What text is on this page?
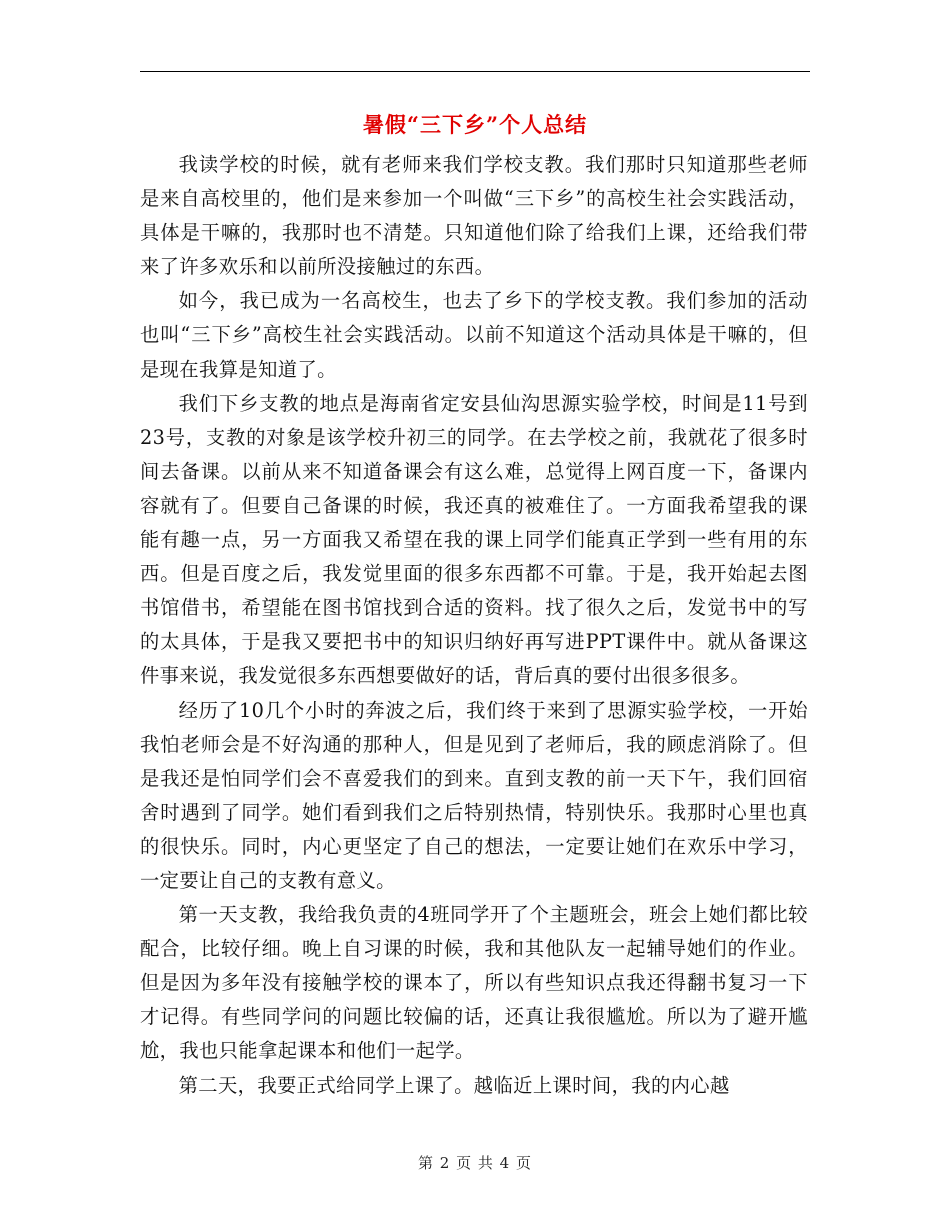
暑假“三下乡”个人总结

我读学校的时候，就有老师来我们学校支教。我们那时只知道那些老师是来自高校里的，他们是来参加一个叫做“三下乡”的高校生社会实践活动，具体是干嘛的，我那时也不清楚。只知道他们除了给我们上课，还给我们带来了许多欢乐和以前所没接触过的东西。

如今，我已成为一名高校生，也去了乡下的学校支教。我们参加的活动也叫“三下乡”高校生社会实践活动。以前不知道这个活动具体是干嘛的，但是现在我算是知道了。

我们下乡支教的地点是海南省定安县仙沟思源实验学校，时间是11号到23号，支教的对象是该学校升初三的同学。在去学校之前，我就花了很多时间去备课。以前从来不知道备课会有这么难，总觉得上网百度一下，备课内容就有了。但要自己备课的时候，我还真的被难住了。一方面我希望我的课能有趣一点，另一方面我又希望在我的课上同学们能真正学到一些有用的东西。但是百度之后，我发觉里面的很多东西都不可靠。于是，我开始起去图书馆借书，希望能在图书馆找到合适的资料。找了很久之后，发觉书中的写的太具体，于是我又要把书中的知识归纳好再写进PPT课件中。就从备课这件事来说，我发觉很多东西想要做好的话，背后真的要付出很多很多。

经历了10几个小时的奔波之后，我们终于来到了思源实验学校，一开始我怕老师会是不好沟通的那种人，但是见到了老师后，我的顾虑消除了。但是我还是怕同学们会不喜爱我们的到来。直到支教的前一天下午，我们回宿舍时遇到了同学。她们看到我们之后特别热情，特别快乐。我那时心里也真的很快乐。同时，内心更坚定了自己的想法，一定要让她们在欢乐中学习，一定要让自己的支教有意义。

第一天支教，我给我负责的4班同学开了个主题班会，班会上她们都比较配合，比较仔细。晚上自习课的时候，我和其他队友一起辅导她们的作业。但是因为多年没有接触学校的课本了，所以有些知识点我还得翻书复习一下才记得。有些同学问的问题比较偏的话，还真让我很尴尬。所以为了避开尴尬，我也只能拿起课本和他们一起学。

第二天，我要正式给同学上课了。越临近上课时间，我的内心越

第 2 页 共 4 页
